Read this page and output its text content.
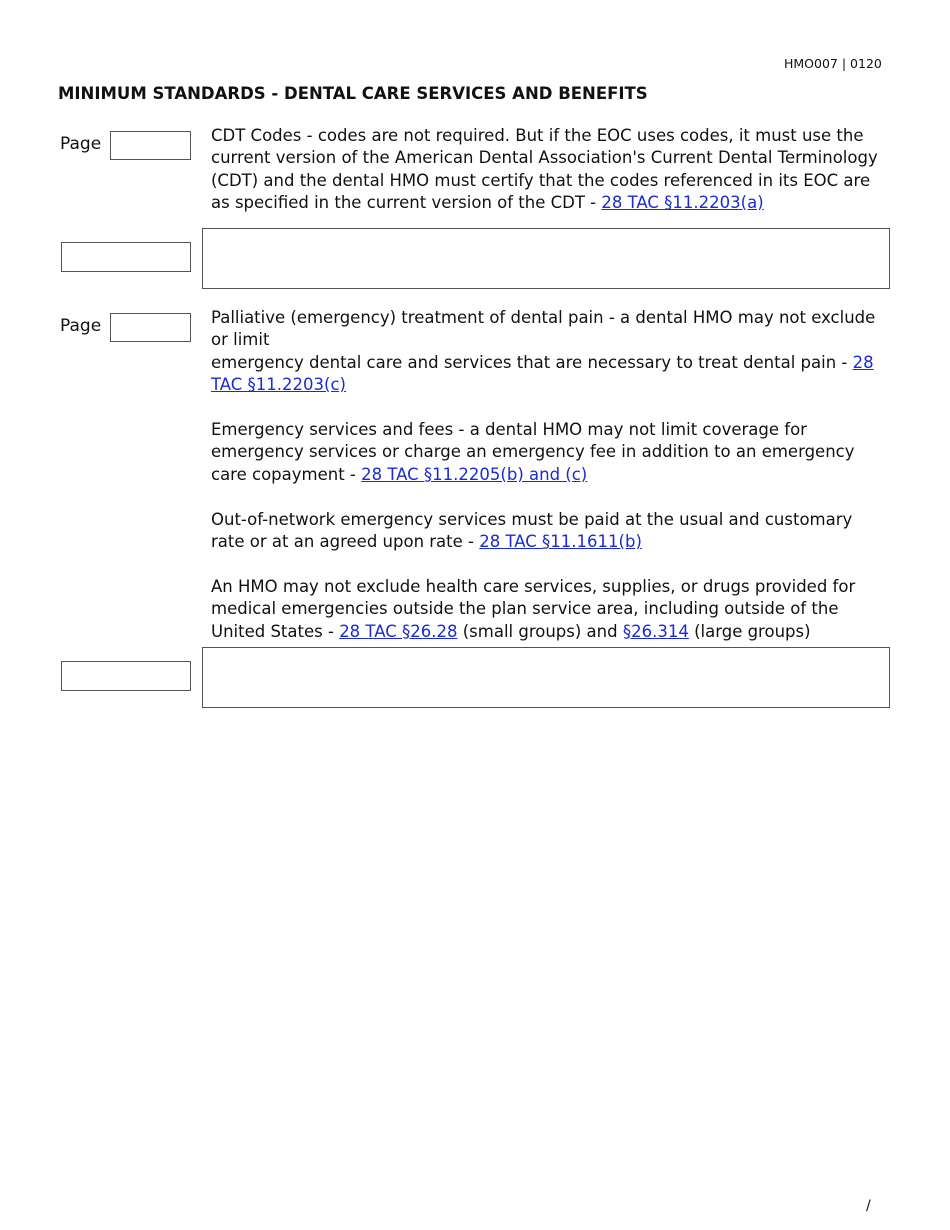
HMO007 | 0120
MINIMUM STANDARDS - DENTAL CARE SERVICES AND BENEFITS
Page	CDT Codes - codes are not required. But if the EOC uses codes, it must use the current version of the American Dental Association's Current Dental Terminology (CDT) and the dental HMO must certify that the codes referenced in its EOC are as specified in the current version of the CDT - 28 TAC §11.2203(a)

Page	Palliative (emergency) treatment of dental pain - a dental HMO may not exclude or limit
emergency dental care and services that are necessary to treat dental pain - 28 TAC §11.2203(c)

Emergency services and fees - a dental HMO may not limit coverage for emergency services or charge an emergency fee in addition to an emergency care copayment - 28 TAC §11.2205(b) and (c)

Out-of-network emergency services must be paid at the usual and customary rate or at an agreed upon rate - 28 TAC §11.1611(b)

An HMO may not exclude health care services, supplies, or drugs provided for medical emergencies outside the plan service area, including outside of the United States - 28 TAC §26.28 (small groups) and §26.314 (large groups)

/
